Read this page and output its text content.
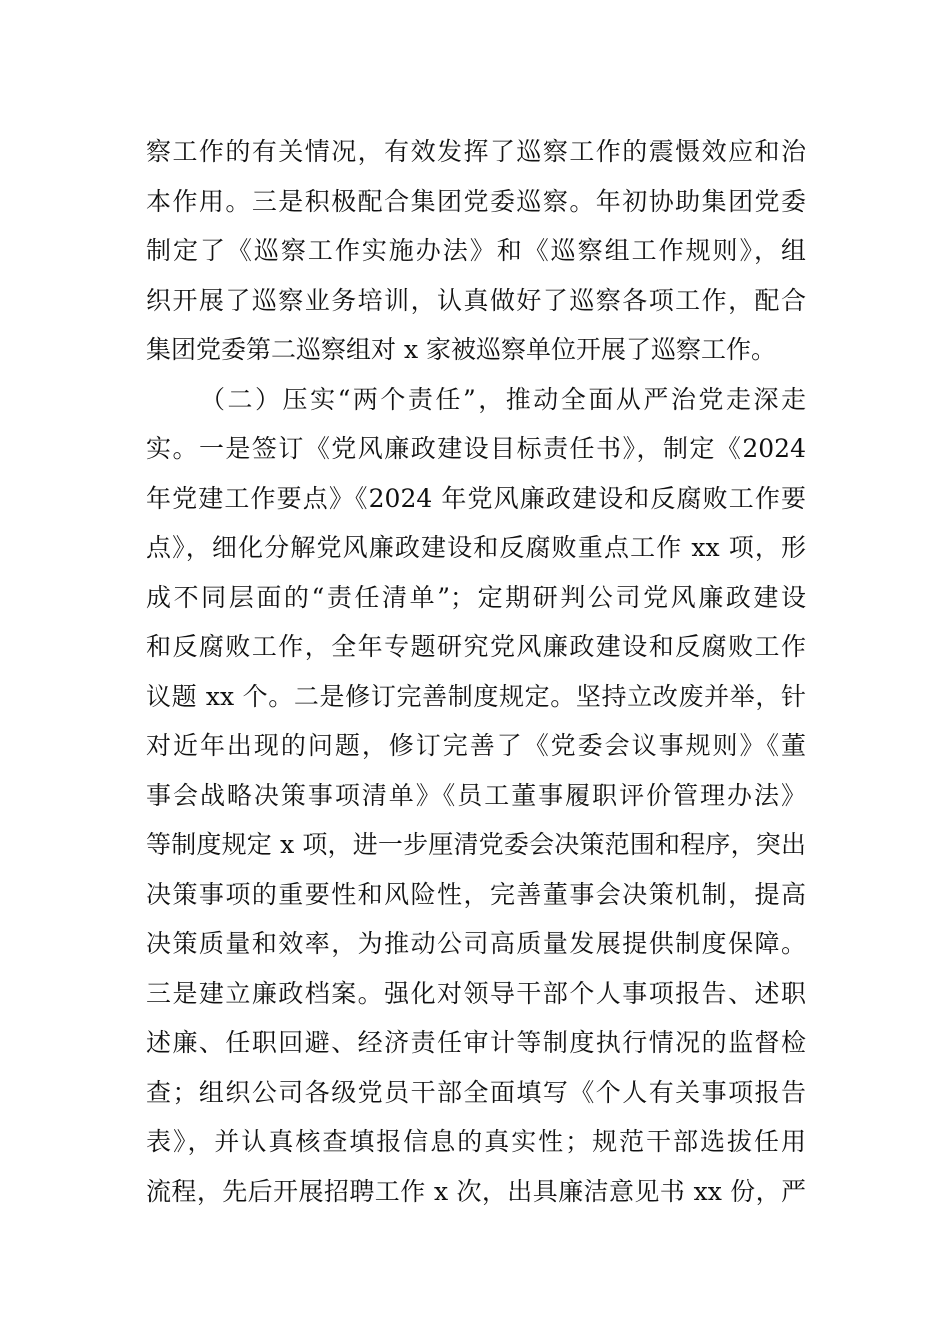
察工作的有关情况，有效发挥了巡察工作的震慑效应和治
本作用。三是积极配合集团党委巡察。年初协助集团党委
制定了《巡察工作实施办法》和《巡察组工作规则》，组
织开展了巡察业务培训，认真做好了巡察各项工作，配合
集团党委第二巡察组对 x 家被巡察单位开展了巡察工作。
（二）压实“两个责任”，推动全面从严治党走深走
实。一是签订《党风廉政建设目标责任书》，制定《2024
年党建工作要点》《2024 年党风廉政建设和反腐败工作要
点》，细化分解党风廉政建设和反腐败重点工作 xx 项，形
成不同层面的“责任清单”；定期研判公司党风廉政建设
和反腐败工作，全年专题研究党风廉政建设和反腐败工作
议题 xx 个。二是修订完善制度规定。坚持立改废并举，针
对近年出现的问题，修订完善了《党委会议事规则》《董
事会战略决策事项清单》《员工董事履职评价管理办法》
等制度规定 x 项，进一步厘清党委会决策范围和程序，突出
决策事项的重要性和风险性，完善董事会决策机制，提高
决策质量和效率，为推动公司高质量发展提供制度保障。
三是建立廉政档案。强化对领导干部个人事项报告、述职
述廉、任职回避、经济责任审计等制度执行情况的监督检
查；组织公司各级党员干部全面填写《个人有关事项报告
表》，并认真核查填报信息的真实性；规范干部选拔任用
流程，先后开展招聘工作 x 次，出具廉洁意见书 xx 份，严
